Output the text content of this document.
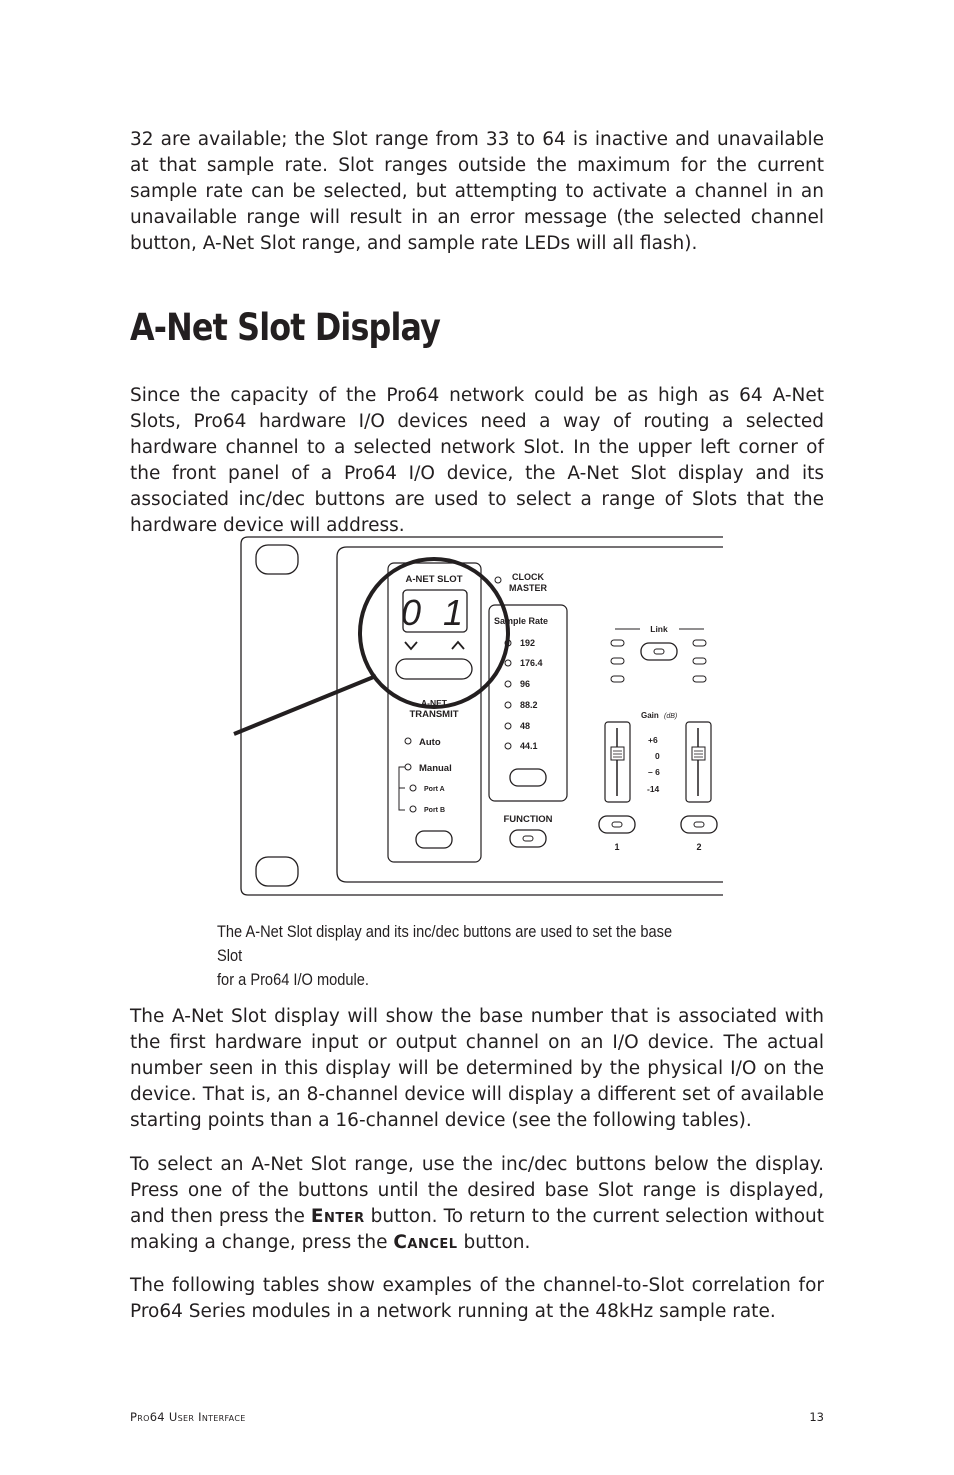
32 are available; the Slot range from 33 to 64 is inactive and unavailable at that sample rate. Slot ranges outside the maximum for the current sample rate can be selected, but attempting to activate a channel in an unavailable range will result in an error message (the selected channel button, A-Net Slot range, and sample rate LEDs will all flash).

A-Net Slot Display

Since the capacity of the Pro64 network could be as high as 64 A-Net Slots, Pro64 hardware I/O devices need a way of routing a selected hardware channel to a selected network Slot. In the upper left corner of the front panel of a Pro64 I/O device, the A-Net Slot display and its associated inc/dec buttons are used to select a range of Slots that the hardware device will address.

A-NET SLOT
0 1
A-NET
TRANSMIT
Auto
Manual
Port A
Port B
CLOCK
MASTER
Sample Rate
192
176.4
96
88.2
48
44.1
FUNCTION
Link
Gain (dB)
+6
0
– 6
-14
1	2
The A-Net Slot display and its inc/dec buttons are used to set the base Slot
for a Pro64 I/O module.

The A-Net Slot display will show the base number that is associated with the first hardware input or output channel on an I/O device. The actual number seen in this display will be determined by the physical I/O on the device. That is, an 8-channel device will display a different set of available starting points than a 16-channel device (see the following tables).

To select an A-Net Slot range, use the inc/dec buttons below the display. Press one of the buttons until the desired base Slot range is displayed, and then press the Enter button. To return to the current selection without making a change, press the Cancel button.

The following tables show examples of the channel-to-Slot correlation for Pro64 Series modules in a network running at the 48kHz sample rate.

Pro64 User Interface	13
